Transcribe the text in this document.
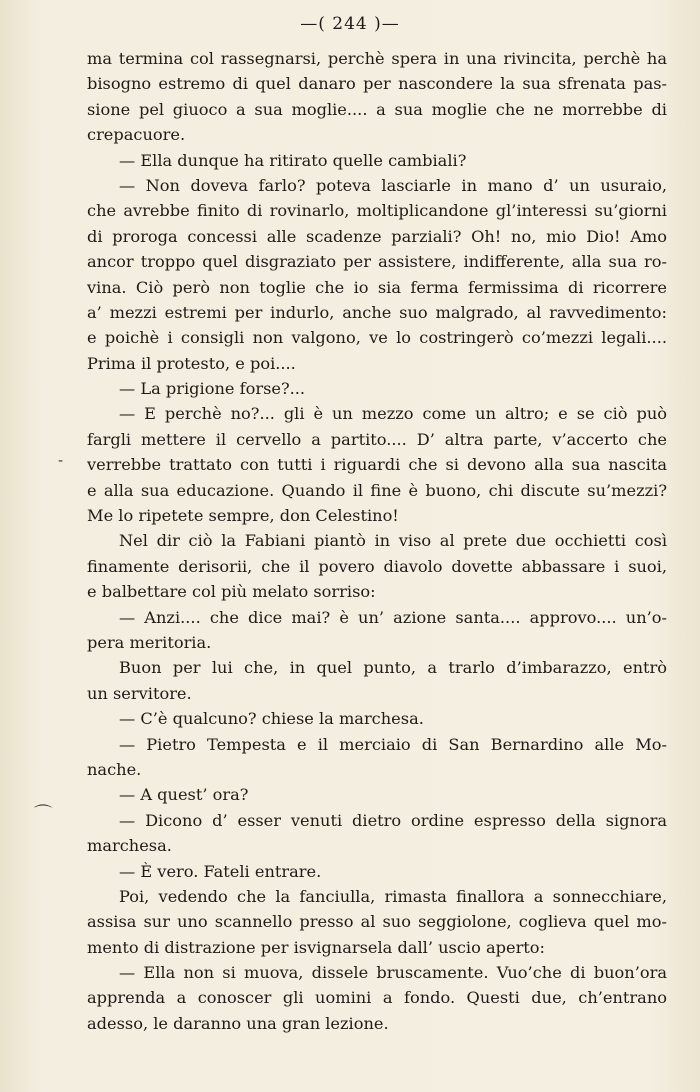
—( 244 )—
ma termina col rassegnarsi, perchè spera in una rivincita, perchè ha
bisogno estremo di quel danaro per nascondere la sua sfrenata pas-
sione pel giuoco a sua moglie.... a sua moglie che ne morrebbe di
crepacuore.
— Ella dunque ha ritirato quelle cambiali?
— Non doveva farlo? poteva lasciarle in mano d’ un usuraio,
che avrebbe finito di rovinarlo, moltiplicandone gl’interessi su’giorni
di proroga concessi alle scadenze parziali? Oh! no, mio Dio! Amo
ancor troppo quel disgraziato per assistere, indifferente, alla sua ro-
vina. Ciò però non toglie che io sia ferma fermissima di ricorrere
a’ mezzi estremi per indurlo, anche suo malgrado, al ravvedimento:
e poichè i consigli non valgono, ve lo costringerò co’mezzi legali....
Prima il protesto, e poi....
— La prigione forse?...
— E perchè no?... gli è un mezzo come un altro; e se ciò può
fargli mettere il cervello a partito.... D’ altra parte, v’accerto che
verrebbe trattato con tutti i riguardi che si devono alla sua nascita
e alla sua educazione. Quando il fine è buono, chi discute su’mezzi?
Me lo ripetete sempre, don Celestino!
Nel dir ciò la Fabiani piantò in viso al prete due occhietti così
finamente derisorii, che il povero diavolo dovette abbassare i suoi,
e balbettare col più melato sorriso:
— Anzi.... che dice mai? è un’ azione santa.... approvo.... un’o-
pera meritoria.
Buon per lui che, in quel punto, a trarlo d’imbarazzo, entrò
un servitore.
— C’è qualcuno? chiese la marchesa.
— Pietro Tempesta e il merciaio di San Bernardino alle Mo-
nache.
— A quest’ ora?
— Dicono d’ esser venuti dietro ordine espresso della signora
marchesa.
— È vero. Fateli entrare.
Poi, vedendo che la fanciulla, rimasta finallora a sonnecchiare,
assisa sur uno scannello presso al suo seggiolone, coglieva quel mo-
mento di distrazione per isvignarsela dall’ uscio aperto:
— Ella non si muova, dissele bruscamente. Vuo’che di buon’ora
apprenda a conoscer gli uomini a fondo. Questi due, ch’entrano
adesso, le daranno una gran lezione.
-
⌒
